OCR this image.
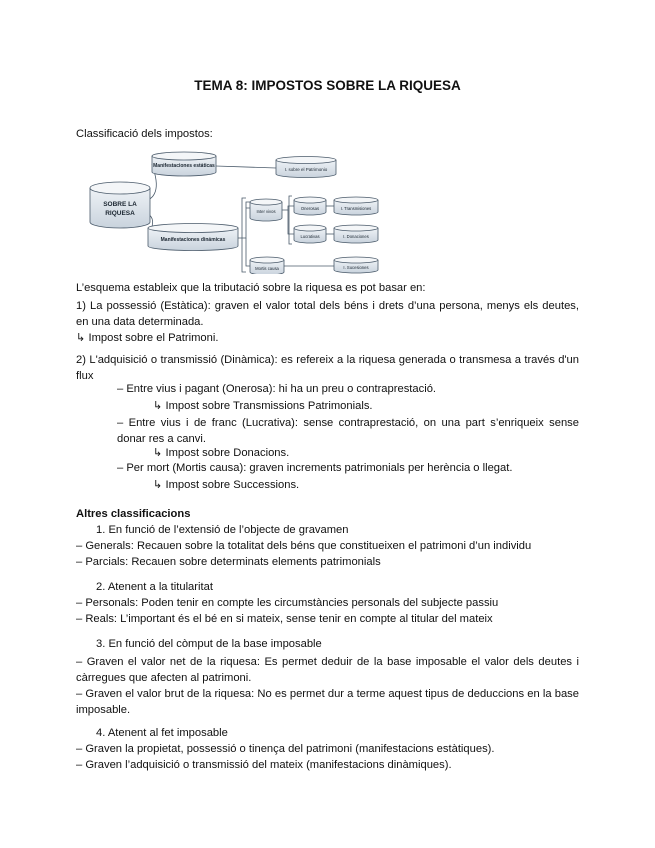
TEMA 8: IMPOSTOS SOBRE LA RIQUESA
Classificació dels impostos:
SOBRE LA
RIQUESA
Manifestaciones estáticas
I. sobre el Patrimonio
Manifestaciones dinámicas
Inter vivos
Onerosas
Lucrativas
Mortis causa
I. Transmisiones
I. Donaciones
I. Sucesiones
L’esquema estableix que la tributació sobre la riquesa es pot basar en:
1) La possessió (Estàtica): graven el valor total dels béns i drets d’una persona, menys els deutes, en una data determinada.
↳ Impost sobre el Patrimoni.
2) L'adquisició o transmissió (Dinàmica): es refereix a la riquesa generada o transmesa a través d'un flux
– Entre vius i pagant (Onerosa): hi ha un preu o contraprestació.
↳ Impost sobre Transmissions Patrimonials.
– Entre vius i de franc (Lucrativa): sense contraprestació, on una part s’enriqueix sense donar res a canvi.
↳ Impost sobre Donacions.
– Per mort (Mortis causa): graven increments patrimonials per herència o llegat.
↳ Impost sobre Successions.
Altres classificacions
1. En funció de l’extensió de l’objecte de gravamen
– Generals: Recauen sobre la totalitat dels béns que constitueixen el patrimoni d’un individu
– Parcials: Recauen sobre determinats elements patrimonials
2. Atenent a la titularitat
– Personals: Poden tenir en compte les circumstàncies personals del subjecte passiu
– Reals: L’important és el bé en si mateix, sense tenir en compte al titular del mateix
3. En funció del còmput de la base imposable
– Graven el valor net de la riquesa: Es permet deduir de la base imposable el valor dels deutes i càrregues que afecten al patrimoni.
– Graven el valor brut de la riquesa: No es permet dur a terme aquest tipus de deduccions en la base imposable.
4. Atenent al fet imposable
– Graven la propietat, possessió o tinença del patrimoni (manifestacions estàtiques).
– Graven l’adquisició o transmissió del mateix (manifestacions dinàmiques).
